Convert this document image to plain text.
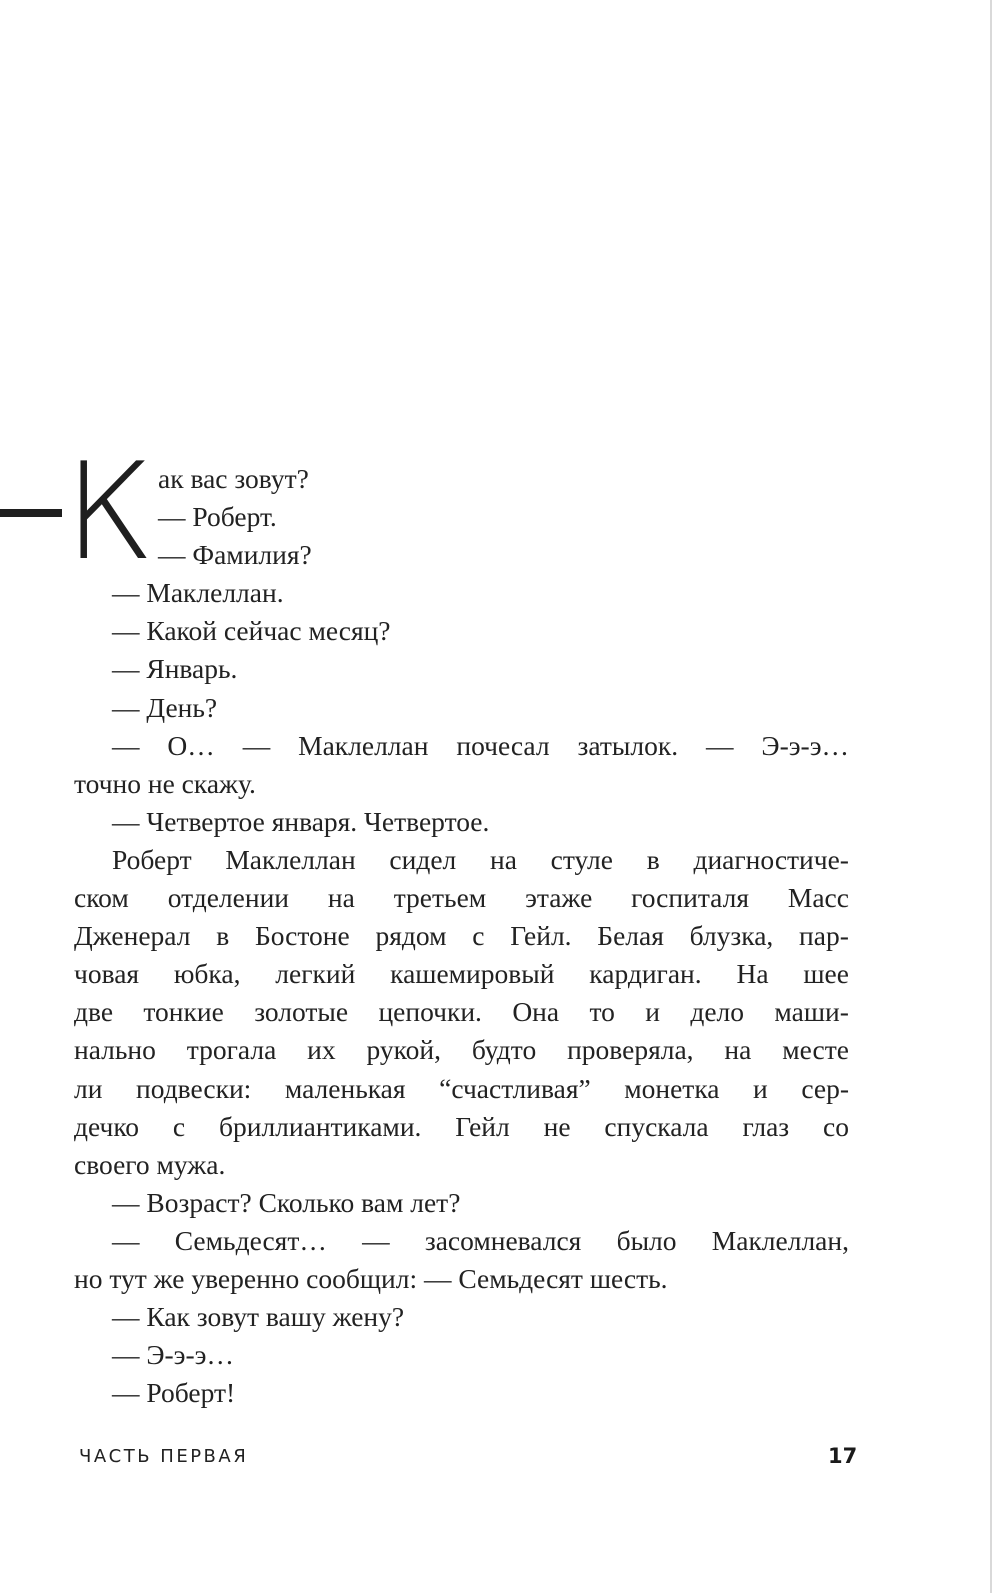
К ак вас зовут?
— Роберт.
— Фамилия?
— Маклеллан.
— Какой сейчас месяц?
— Январь.
— День?
— О… — Маклеллан почесал затылок. — Э-э-э…
точно не скажу.
— Четвертое января. Четвертое.
Роберт Маклеллан сидел на стуле в диагностиче-
ском отделении на третьем этаже госпиталя Масс
Дженерал в Бостоне рядом с Гейл. Белая блузка, пар-
човая юбка, легкий кашемировый кардиган. На шее
две тонкие золотые цепочки. Она то и дело маши-
нально трогала их рукой, будто проверяла, на месте
ли подвески: маленькая “счастливая” монетка и сер-
дечко с бриллиантиками. Гейл не спускала глаз со
своего мужа.
— Возраст? Сколько вам лет?
— Семьдесят… — засомневался было Маклеллан,
но тут же уверенно сообщил: — Семьдесят шесть.
— Как зовут вашу жену?
— Э-э-э…
— Роберт!
ЧАСТЬ ПЕРВАЯ	17
